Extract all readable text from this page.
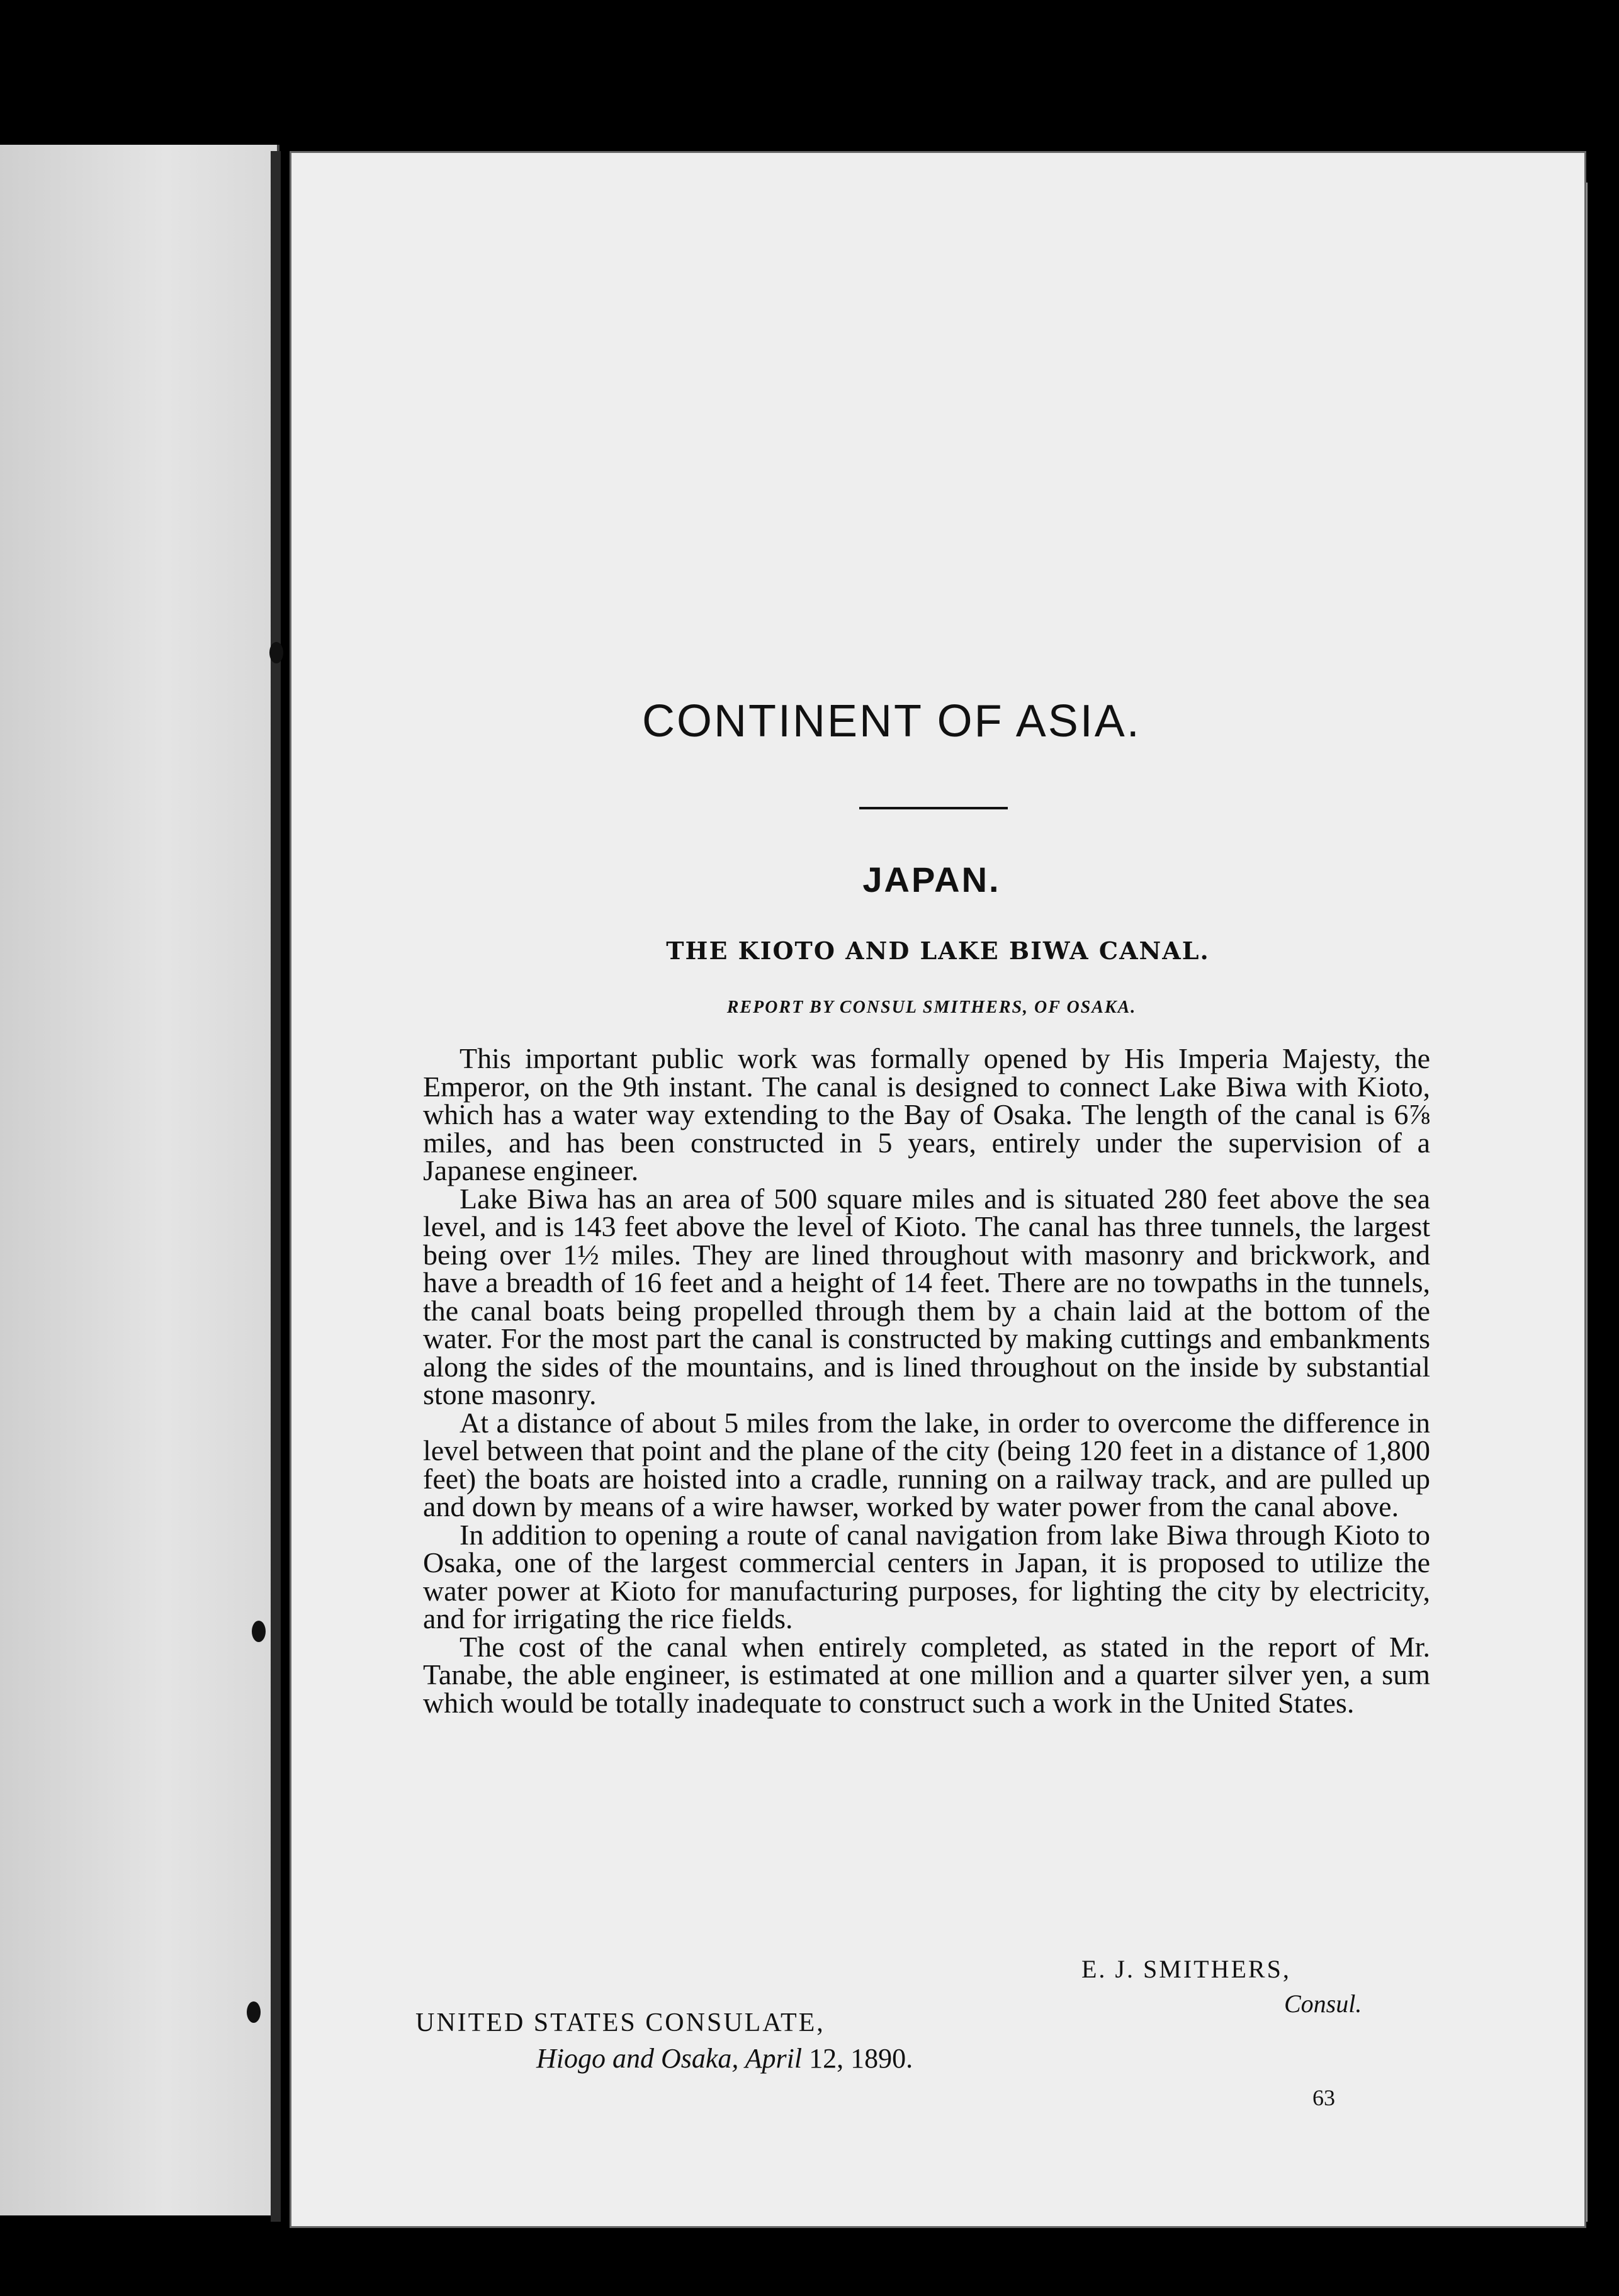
CONTINENT OF ASIA.
JAPAN.
THE KIOTO AND LAKE BIWA CANAL.
REPORT BY CONSUL SMITHERS, OF OSAKA.

This important public work was formally opened by His Imperia Majesty, the Emperor, on the 9th instant. The canal is designed to connect Lake Biwa with Kioto, which has a water way extending to the Bay of Osaka. The length of the canal is 6⅞ miles, and has been constructed in 5 years, entirely under the supervision of a Japanese engineer.

Lake Biwa has an area of 500 square miles and is situated 280 feet above the sea level, and is 143 feet above the level of Kioto. The canal has three tunnels, the largest being over 1½ miles. They are lined throughout with masonry and brickwork, and have a breadth of 16 feet and a height of 14 feet. There are no towpaths in the tunnels, the canal boats being propelled through them by a chain laid at the bottom of the water. For the most part the canal is constructed by making cuttings and embankments along the sides of the mountains, and is lined throughout on the inside by substantial stone masonry.

At a distance of about 5 miles from the lake, in order to overcome the difference in level between that point and the plane of the city (being 120 feet in a distance of 1,800 feet) the boats are hoisted into a cradle, running on a railway track, and are pulled up and down by means of a wire hawser, worked by water power from the canal above.

In addition to opening a route of canal navigation from lake Biwa through Kioto to Osaka, one of the largest commercial centers in Japan, it is proposed to utilize the water power at Kioto for manufacturing purposes, for lighting the city by electricity, and for irrigating the rice fields.

The cost of the canal when entirely completed, as stated in the report of Mr. Tanabe, the able engineer, is estimated at one million and a quarter silver yen, a sum which would be totally inadequate to construct such a work in the United States.

E. J. SMITHERS,
Consul.
UNITED STATES CONSULATE,
Hiogo and Osaka, April 12, 1890.
63
